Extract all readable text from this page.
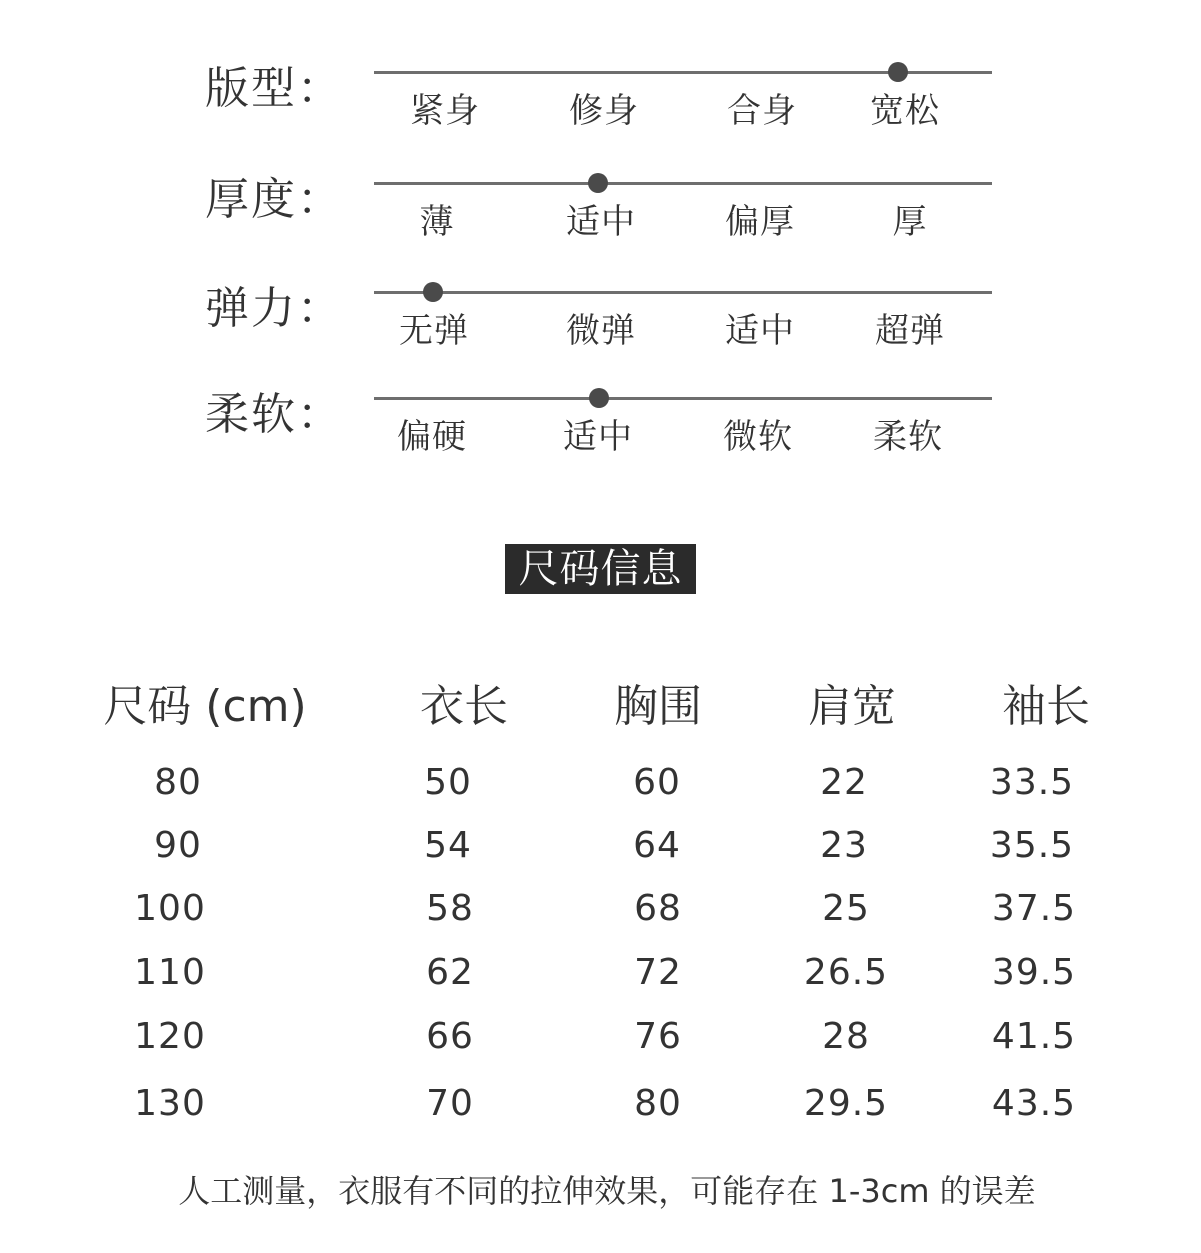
版型： 紧身	修身	合身 宽松
厚度： 薄	适中	偏厚	厚
弹力： 无弹	微弹	适中 超弹
柔软： 偏硬	适中	微软 柔软
尺码信息
尺码 (cm)	衣长 胸围 肩宽 袖长
80	50	60	22	33.5
90	54	64	23	35.5
100	58	68	25	37.5
110	62	72	26.5	39.5
120	66	76	28	41.5
130	70	80	29.5	43.5
人工测量，衣服有不同的拉伸效果，可能存在 1-3cm 的误差
